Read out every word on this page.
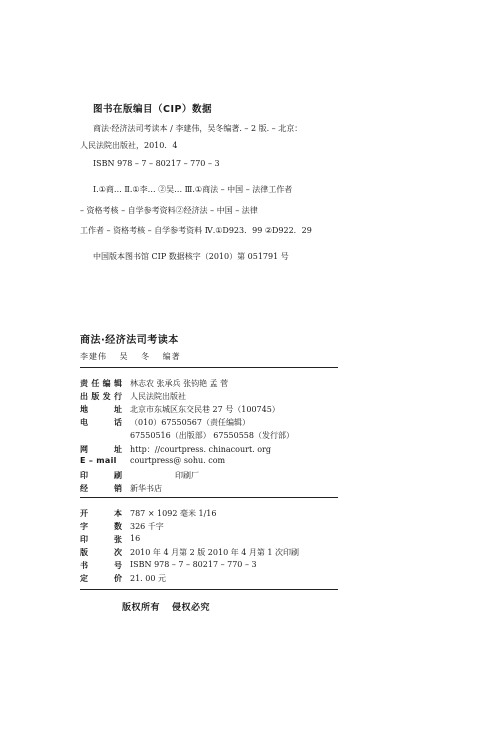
图书在版编目（CIP）数据
商法·经济法司考读本 / 李建伟，吴冬编著. – 2 版. – 北京：
人民法院出版社，2010．4
ISBN 978 – 7 – 80217 – 770 – 3
Ⅰ.①商… Ⅱ.①李… ②吴… Ⅲ.①商法 – 中国 – 法律工作者
– 资格考核 – 自学参考资料②经济法 – 中国 – 法律
工作者 – 资格考核 – 自学参考资料 Ⅳ.①D923．99 ②D922．29
中国版本图书馆 CIP 数据核字（2010）第 051791 号
商法·经济法司考读本
李建伟 吴 冬 编著
责 任 编 辑 林志农 张承兵 张钧艳 孟 菅
出 版 发 行 人民法院出版社
地	址 北京市东城区东交民巷 27 号（100745）
电	话 （010）67550567（责任编辑）
67550516（出版部） 67550558（发行部）
网	址 http：//courtpress. chinacourt. org
E – mail	courtpress@ sohu. com
印	刷	印刷厂
经	销 新华书店
开	本 787 × 1092 毫米 1/16
字	数 326 千字
印	张 16
版	次 2010 年 4 月第 2 版 2010 年 4 月第 1 次印刷
书	号 ISBN 978 – 7 – 80217 – 770 – 3
定	价 21. 00 元
版权所有 侵权必究
